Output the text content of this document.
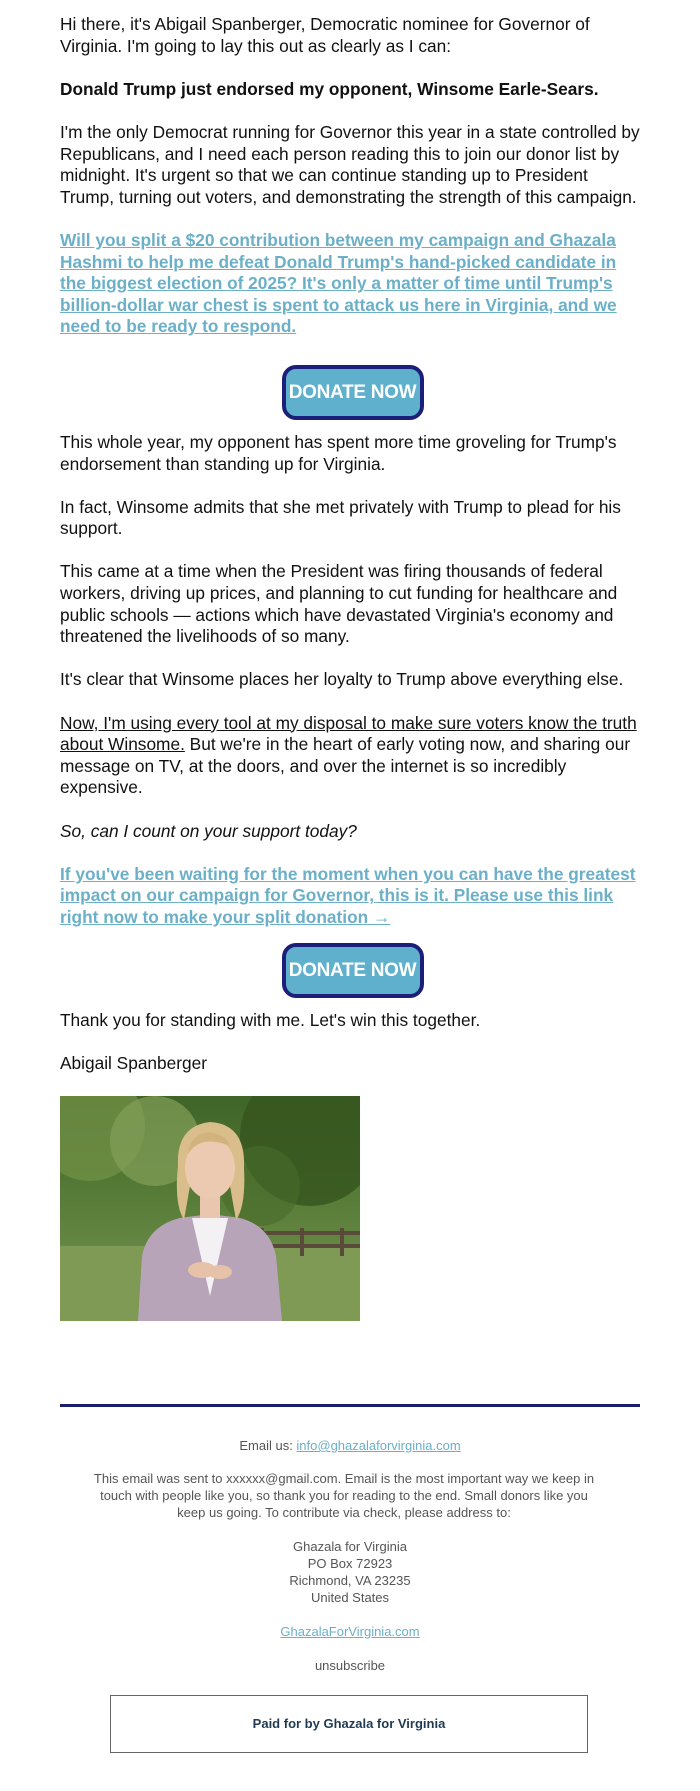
Hi there, it's Abigail Spanberger, Democratic nominee for Governor of Virginia. I'm going to lay this out as clearly as I can:

Donald Trump just endorsed my opponent, Winsome Earle-Sears.

I'm the only Democrat running for Governor this year in a state controlled by Republicans, and I need each person reading this to join our donor list by midnight. It's urgent so that we can continue standing up to President Trump, turning out voters, and demonstrating the strength of this campaign.

Will you split a $20 contribution between my campaign and Ghazala Hashmi to help me defeat Donald Trump's hand-picked candidate in the biggest election of 2025? It's only a matter of time until Trump's billion-dollar war chest is spent to attack us here in Virginia, and we need to be ready to respond.

DONATE NOW

This whole year, my opponent has spent more time groveling for Trump's endorsement than standing up for Virginia.

In fact, Winsome admits that she met privately with Trump to plead for his support.

This came at a time when the President was firing thousands of federal workers, driving up prices, and planning to cut funding for healthcare and public schools — actions which have devastated Virginia's economy and threatened the livelihoods of so many.

It's clear that Winsome places her loyalty to Trump above everything else.

Now, I'm using every tool at my disposal to make sure voters know the truth about Winsome. But we're in the heart of early voting now, and sharing our message on TV, at the doors, and over the internet is so incredibly expensive.

So, can I count on your support today?

If you've been waiting for the moment when you can have the greatest impact on our campaign for Governor, this is it. Please use this link right now to make your split donation →

DONATE NOW

Thank you for standing with me. Let's win this together.

Abigail Spanberger

Email us: info@ghazalaforvirginia.com
This email was sent to xxxxxx@gmail.com. Email is the most important way we keep in touch with people like you, so thank you for reading to the end. Small donors like you keep us going. To contribute via check, please address to:
Ghazala for Virginia
PO Box 72923
Richmond, VA 23235
United States
GhazalaForVirginia.com
unsubscribe
Paid for by Ghazala for Virginia
